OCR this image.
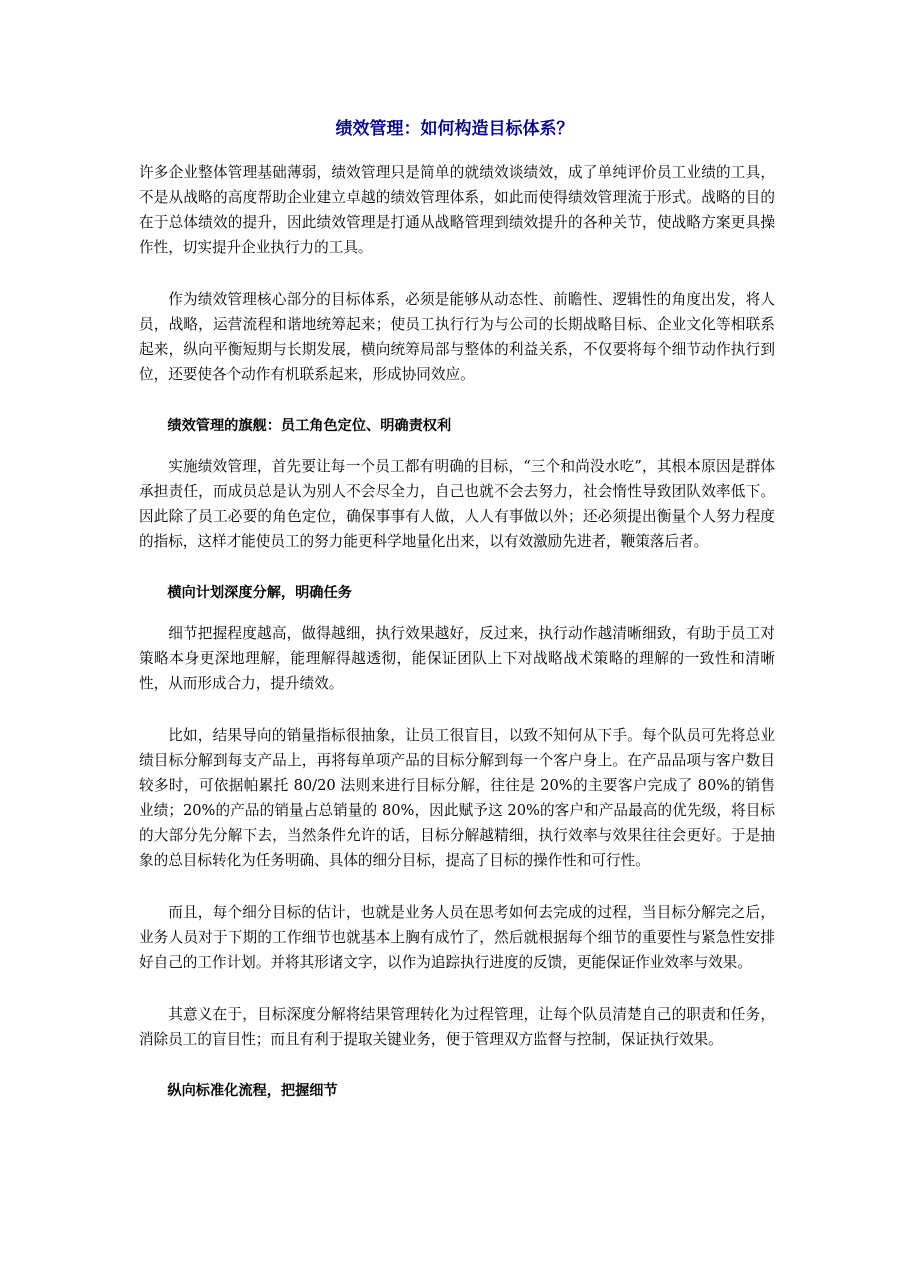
绩效管理：如何构造目标体系？

许多企业整体管理基础薄弱，绩效管理只是简单的就绩效谈绩效，成了单纯评价员工业绩的工具，不是从战略的高度帮助企业建立卓越的绩效管理体系，如此而使得绩效管理流于形式。战略的目的在于总体绩效的提升，因此绩效管理是打通从战略管理到绩效提升的各种关节，使战略方案更具操作性，切实提升企业执行力的工具。

作为绩效管理核心部分的目标体系，必须是能够从动态性、前瞻性、逻辑性的角度出发，将人员，战略，运营流程和谐地统筹起来；使员工执行行为与公司的长期战略目标、企业文化等相联系起来，纵向平衡短期与长期发展，横向统筹局部与整体的利益关系，不仅要将每个细节动作执行到位，还要使各个动作有机联系起来，形成协同效应。

绩效管理的旗舰：员工角色定位、明确责权利

实施绩效管理，首先要让每一个员工都有明确的目标，“三个和尚没水吃”，其根本原因是群体承担责任，而成员总是认为别人不会尽全力，自己也就不会去努力，社会惰性导致团队效率低下。因此除了员工必要的角色定位，确保事事有人做，人人有事做以外；还必须提出衡量个人努力程度的指标，这样才能使员工的努力能更科学地量化出来，以有效激励先进者，鞭策落后者。

横向计划深度分解，明确任务

细节把握程度越高，做得越细，执行效果越好，反过来，执行动作越清晰细致，有助于员工对策略本身更深地理解，能理解得越透彻，能保证团队上下对战略战术策略的理解的一致性和清晰性，从而形成合力，提升绩效。

比如，结果导向的销量指标很抽象，让员工很盲目，以致不知何从下手。每个队员可先将总业绩目标分解到每支产品上，再将每单项产品的目标分解到每一个客户身上。在产品品项与客户数目较多时，可依据帕累托 80/20 法则来进行目标分解，往往是 20%的主要客户完成了 80%的销售业绩；20%的产品的销量占总销量的 80%，因此赋予这 20%的客户和产品最高的优先级，将目标的大部分先分解下去，当然条件允许的话，目标分解越精细，执行效率与效果往往会更好。于是抽象的总目标转化为任务明确、具体的细分目标，提高了目标的操作性和可行性。

而且，每个细分目标的估计，也就是业务人员在思考如何去完成的过程，当目标分解完之后，业务人员对于下期的工作细节也就基本上胸有成竹了，然后就根据每个细节的重要性与紧急性安排好自己的工作计划。并将其形诸文字，以作为追踪执行进度的反馈，更能保证作业效率与效果。

其意义在于，目标深度分解将结果管理转化为过程管理，让每个队员清楚自己的职责和任务，消除员工的盲目性；而且有利于提取关键业务，便于管理双方监督与控制，保证执行效果。

纵向标准化流程，把握细节
